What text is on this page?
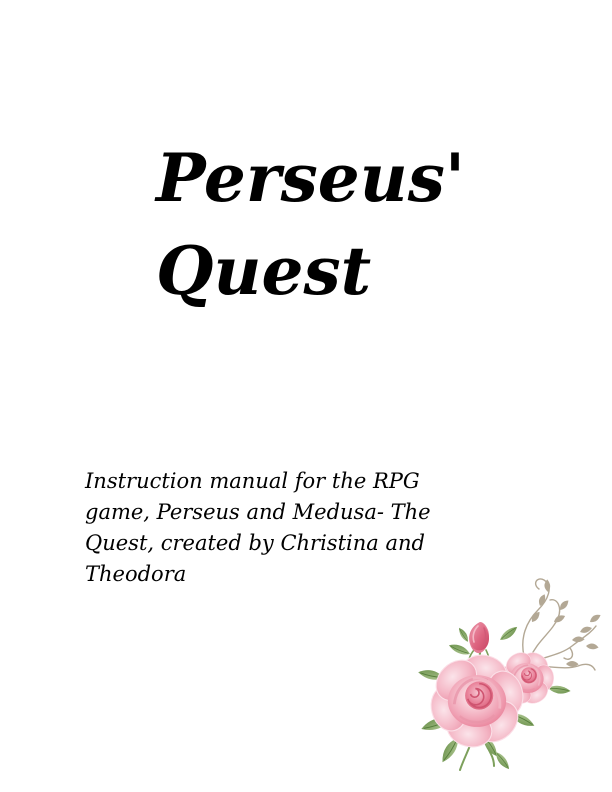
Perseus' Quest
Instruction manual for the RPG
game, Perseus and Medusa- The
Quest, created by Christina and
Theodora
